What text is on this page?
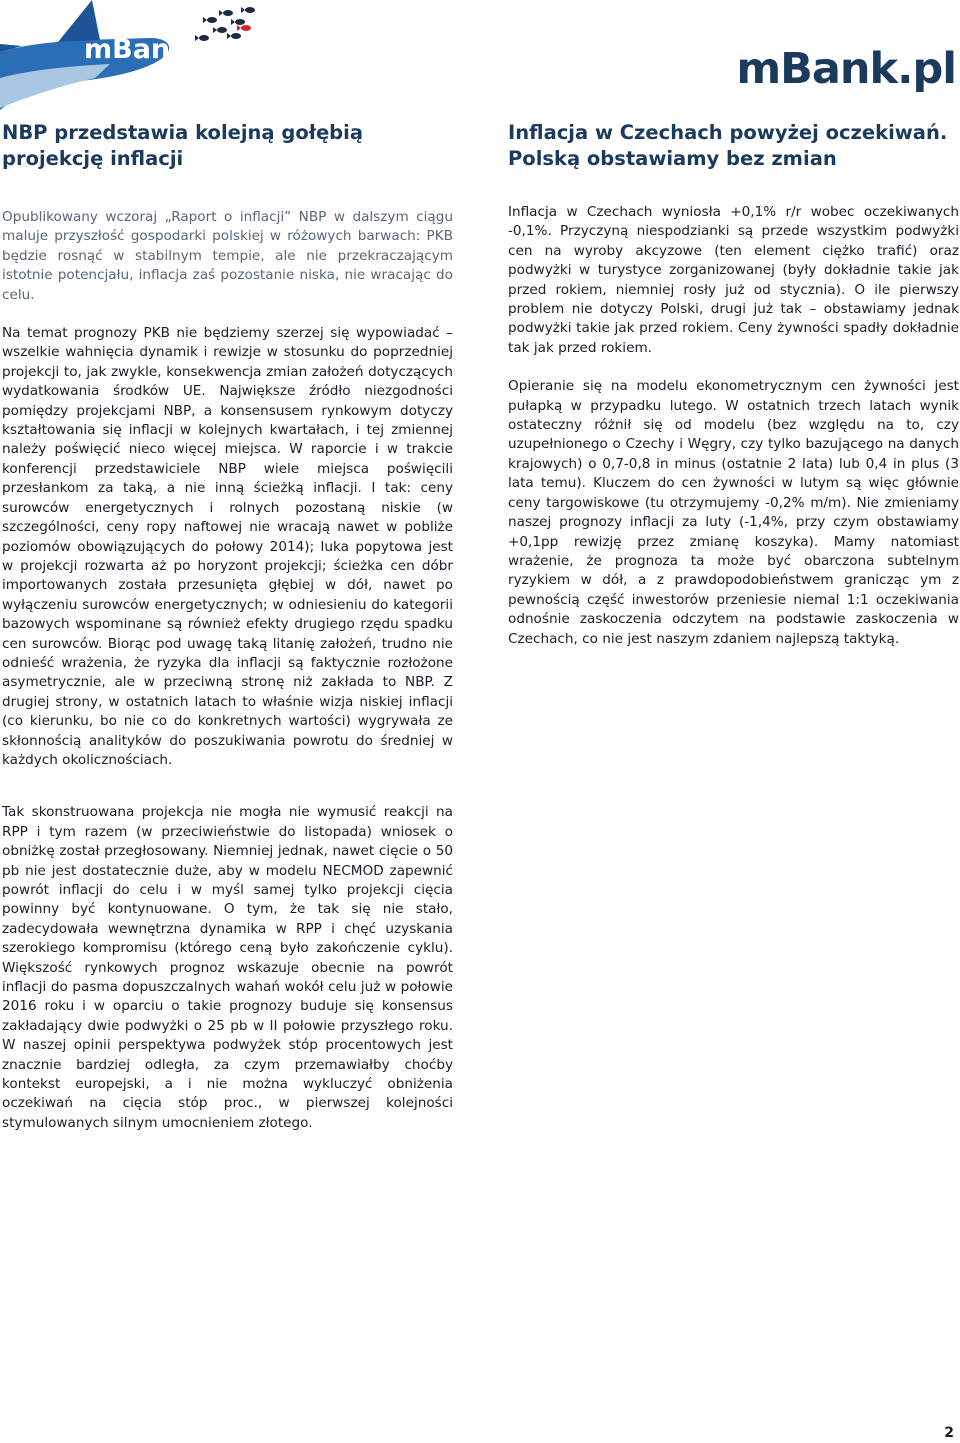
mBank	mBank.pl
NBP przedstawia kolejną gołębią projekcję inflacji

Opublikowany wczoraj „Raport o inflacji” NBP w dalszym ciągu maluje przyszłość gospodarki polskiej w różowych barwach: PKB będzie rosnąć w stabilnym tempie, ale nie przekraczającym istotnie potencjału, inflacja zaś pozostanie niska, nie wracając do celu.

Na temat prognozy PKB nie będziemy szerzej się wypowiadać – wszelkie wahnięcia dynamik i rewizje w stosunku do poprzedniej projekcji to, jak zwykle, konsekwencja zmian założeń dotyczących wydatkowania środków UE. Największe źródło niezgodności pomiędzy projekcjami NBP, a konsensusem rynkowym dotyczy kształtowania się inflacji w kolejnych kwartałach, i tej zmiennej należy poświęcić nieco więcej miejsca. W raporcie i w trakcie konferencji przedstawiciele NBP wiele miejsca poświęcili przesłankom za taką, a nie inną ścieżką inflacji. I tak: ceny surowców energetycznych i rolnych pozostaną niskie (w szczególności, ceny ropy naftowej nie wracają nawet w pobliże poziomów obowiązujących do połowy 2014); luka popytowa jest w projekcji rozwarta aż po horyzont projekcji; ścieżka cen dóbr importowanych została przesunięta głębiej w dół, nawet po wyłączeniu surowców energetycznych; w odniesieniu do kategorii bazowych wspominane są również efekty drugiego rzędu spadku cen surowców. Biorąc pod uwagę taką litanię założeń, trudno nie odnieść wrażenia, że ryzyka dla inflacji są faktycznie rozłożone asymetrycznie, ale w przeciwną stronę niż zakłada to NBP. Z drugiej strony, w ostatnich latach to właśnie wizja niskiej inflacji (co kierunku, bo nie co do konkretnych wartości) wygrywała ze skłonnością analityków do poszukiwania powrotu do średniej w każdych okolicznościach.

Tak skonstruowana projekcja nie mogła nie wymusić reakcji na RPP i tym razem (w przeciwieństwie do listopada) wniosek o obniżkę został przegłosowany. Niemniej jednak, nawet cięcie o 50 pb nie jest dostatecznie duże, aby w modelu NECMOD zapewnić powrót inflacji do celu i w myśl samej tylko projekcji cięcia powinny być kontynuowane. O tym, że tak się nie stało, zadecydowała wewnętrzna dynamika w RPP i chęć uzyskania szerokiego kompromisu (którego ceną było zakończenie cyklu). Większość rynkowych prognoz wskazuje obecnie na powrót inflacji do pasma dopuszczalnych wahań wokół celu już w połowie 2016 roku i w oparciu o takie prognozy buduje się konsensus zakładający dwie podwyżki o 25 pb w II połowie przyszłego roku. W naszej opinii perspektywa podwyżek stóp procentowych jest znacznie bardziej odległa, za czym przemawiałby choćby kontekst europejski, a i nie można wykluczyć obniżenia oczekiwań na cięcia stóp proc., w pierwszej kolejności stymulowanych silnym umocnieniem złotego.

Inflacja w Czechach powyżej oczekiwań. Polską obstawiamy bez zmian

Inflacja w Czechach wyniosła +0,1% r/r wobec oczekiwanych -0,1%. Przyczyną niespodzianki są przede wszystkim podwyżki cen na wyroby akcyzowe (ten element ciężko trafić) oraz podwyżki w turystyce zorganizowanej (były dokładnie takie jak przed rokiem, niemniej rosły już od stycznia). O ile pierwszy problem nie dotyczy Polski, drugi już tak – obstawiamy jednak podwyżki takie jak przed rokiem. Ceny żywności spadły dokładnie tak jak przed rokiem.

Opieranie się na modelu ekonometrycznym cen żywności jest pułapką w przypadku lutego. W ostatnich trzech latach wynik ostateczny różnił się od modelu (bez względu na to, czy uzupełnionego o Czechy i Węgry, czy tylko bazującego na danych krajowych) o 0,7-0,8 in minus (ostatnie 2 lata) lub 0,4 in plus (3 lata temu). Kluczem do cen żywności w lutym są więc głównie ceny targowiskowe (tu otrzymujemy -0,2% m/m). Nie zmieniamy naszej prognozy inflacji za luty (-1,4%, przy czym obstawiamy +0,1pp rewizję przez zmianę koszyka). Mamy natomiast wrażenie, że prognoza ta może być obarczona subtelnym ryzykiem w dół, a z prawdopodobieństwem granicząc ym z pewnością część inwestorów przeniesie niemal 1:1 oczekiwania odnośnie zaskoczenia odczytem na podstawie zaskoczenia w Czechach, co nie jest naszym zdaniem najlepszą taktyką.

2
